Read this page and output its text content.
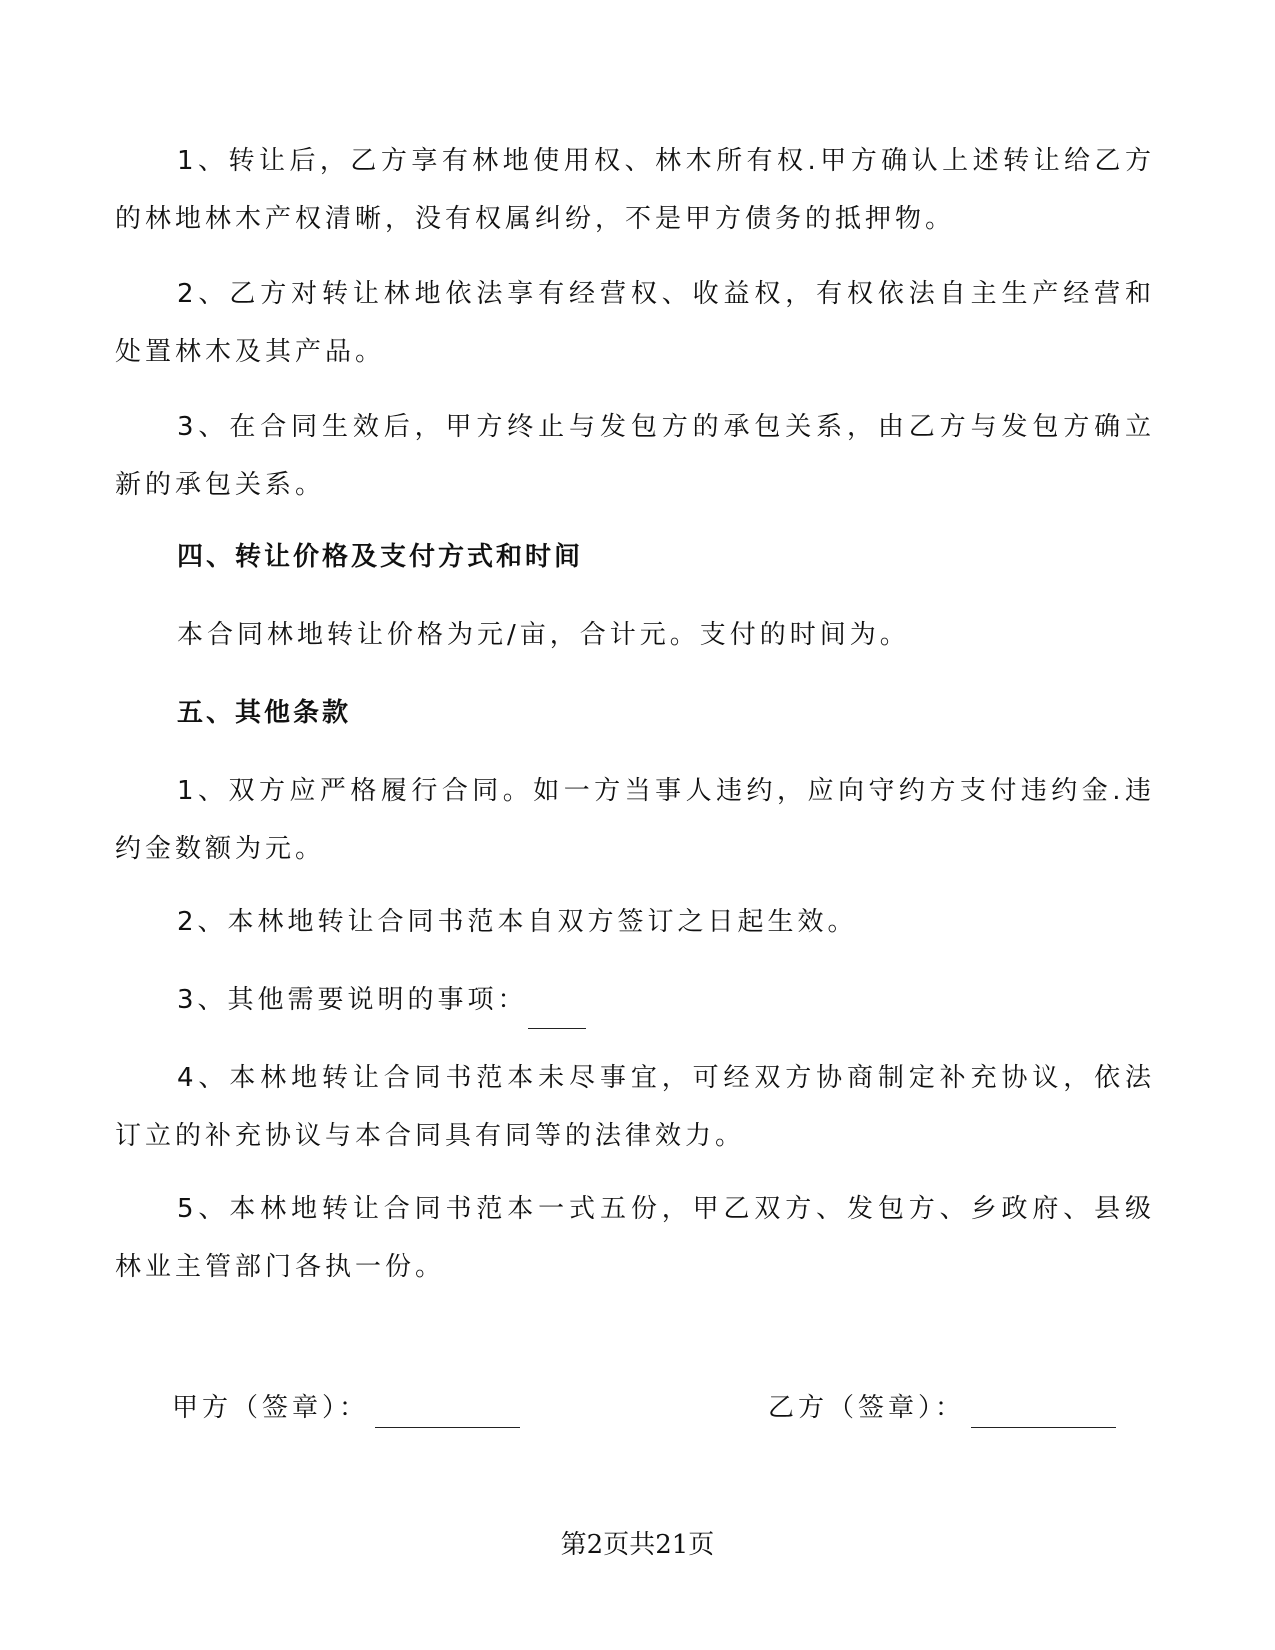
1、转让后，乙方享有林地使用权、林木所有权.甲方确认上述转让给乙方的林地林木产权清晰，没有权属纠纷，不是甲方债务的抵押物。

2、乙方对转让林地依法享有经营权、收益权，有权依法自主生产经营和处置林木及其产品。

3、在合同生效后，甲方终止与发包方的承包关系，由乙方与发包方确立新的承包关系。

四、转让价格及支付方式和时间

本合同林地转让价格为元/亩，合计元。支付的时间为。

五、其他条款

1、双方应严格履行合同。如一方当事人违约，应向守约方支付违约金.违约金数额为元。

2、本林地转让合同书范本自双方签订之日起生效。

3、其他需要说明的事项：

4、本林地转让合同书范本未尽事宜，可经双方协商制定补充协议，依法订立的补充协议与本合同具有同等的法律效力。

5、本林地转让合同书范本一式五份，甲乙双方、发包方、乡政府、县级林业主管部门各执一份。

甲方（签章）：	乙方（签章）：
第2页共21页
